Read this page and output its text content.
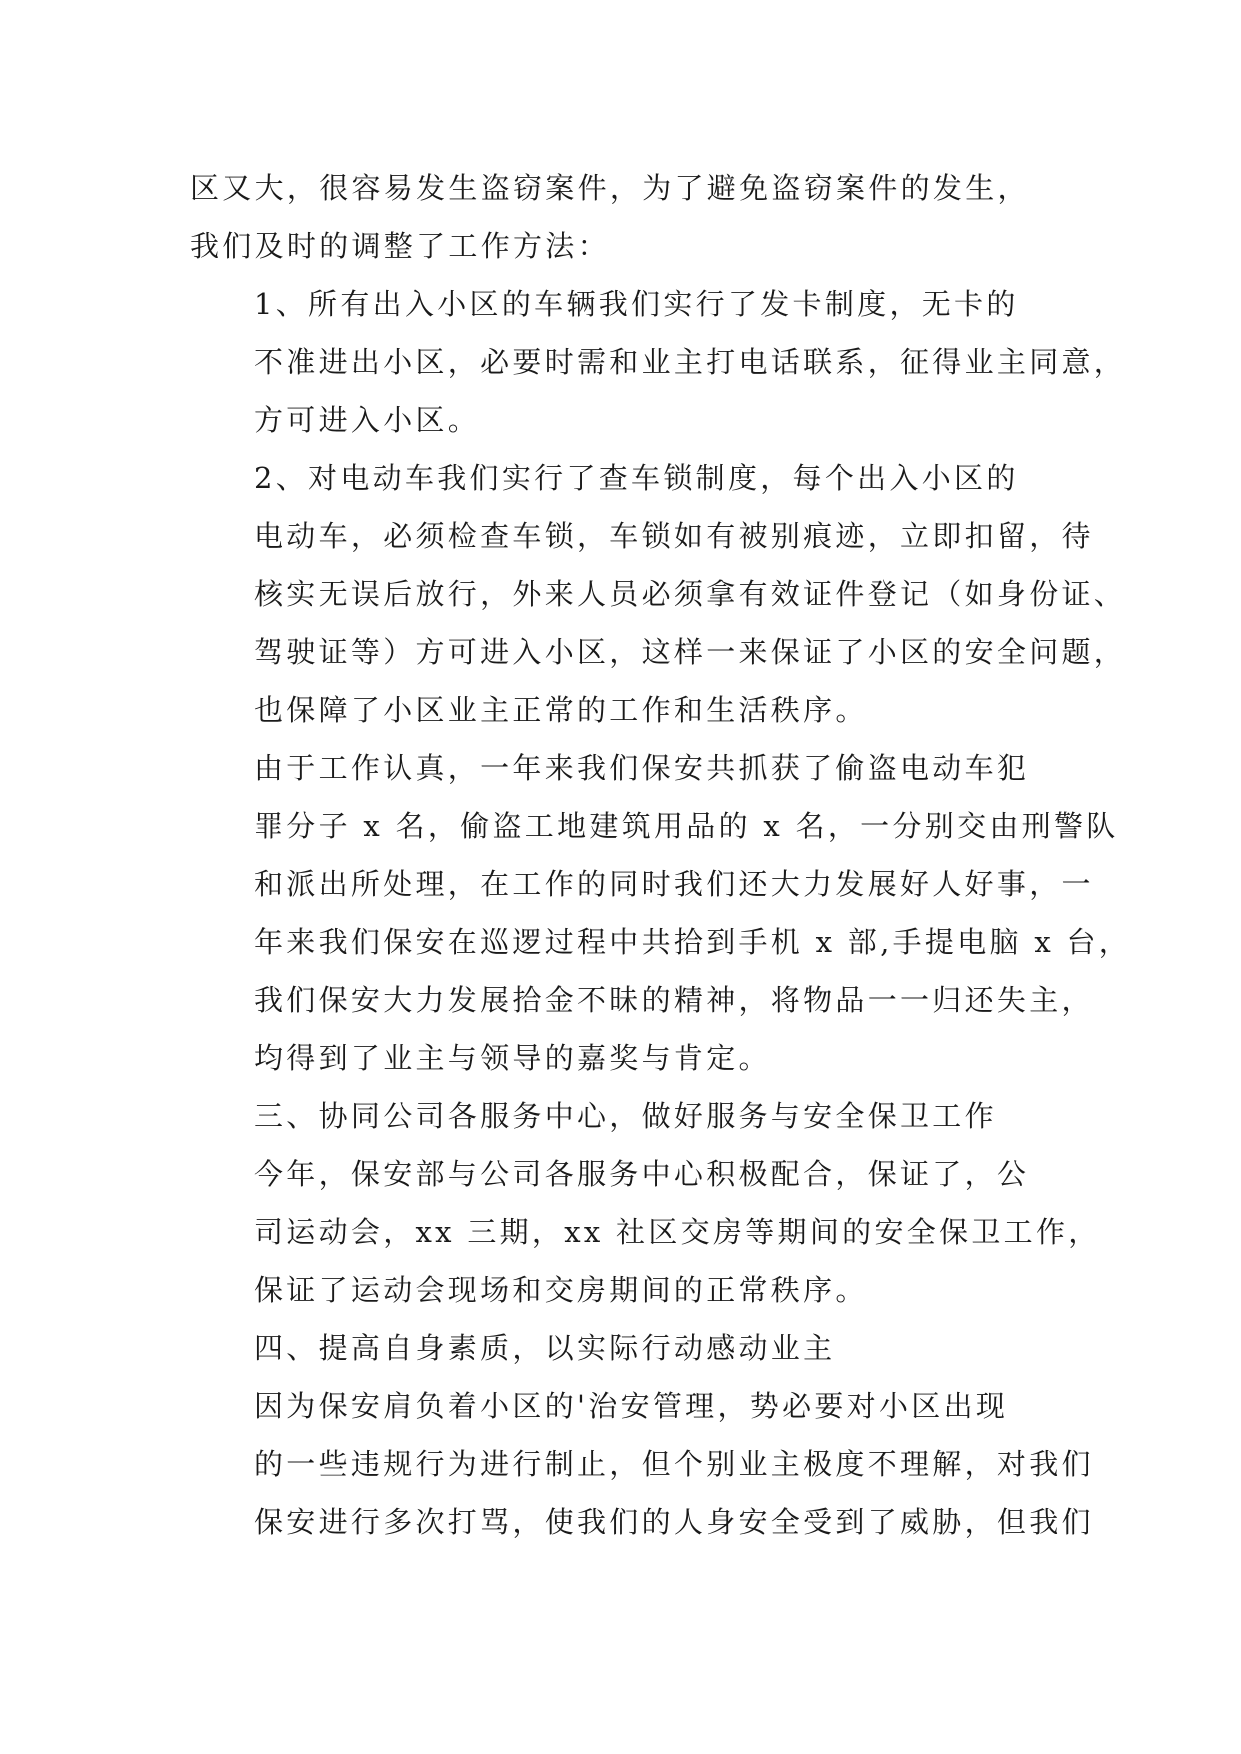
区又大，很容易发生盗窃案件，为了避免盗窃案件的发生，
我们及时的调整了工作方法：
1、所有出入小区的车辆我们实行了发卡制度，无卡的
不准进出小区，必要时需和业主打电话联系，征得业主同意，
方可进入小区。
2、对电动车我们实行了查车锁制度，每个出入小区的
电动车，必须检查车锁，车锁如有被别痕迹，立即扣留，待
核实无误后放行，外来人员必须拿有效证件登记（如身份证、
驾驶证等）方可进入小区，这样一来保证了小区的安全问题，
也保障了小区业主正常的工作和生活秩序。
由于工作认真，一年来我们保安共抓获了偷盗电动车犯
罪分子 x 名，偷盗工地建筑用品的 x 名，一分别交由刑警队
和派出所处理，在工作的同时我们还大力发展好人好事，一
年来我们保安在巡逻过程中共拾到手机 x 部,手提电脑 x 台，
我们保安大力发展拾金不昧的精神，将物品一一归还失主，
均得到了业主与领导的嘉奖与肯定。
三、协同公司各服务中心，做好服务与安全保卫工作
今年，保安部与公司各服务中心积极配合，保证了，公
司运动会，xx 三期，xx 社区交房等期间的安全保卫工作，
保证了运动会现场和交房期间的正常秩序。
四、提高自身素质，以实际行动感动业主
因为保安肩负着小区的'治安管理，势必要对小区出现
的一些违规行为进行制止，但个别业主极度不理解，对我们
保安进行多次打骂，使我们的人身安全受到了威胁，但我们
